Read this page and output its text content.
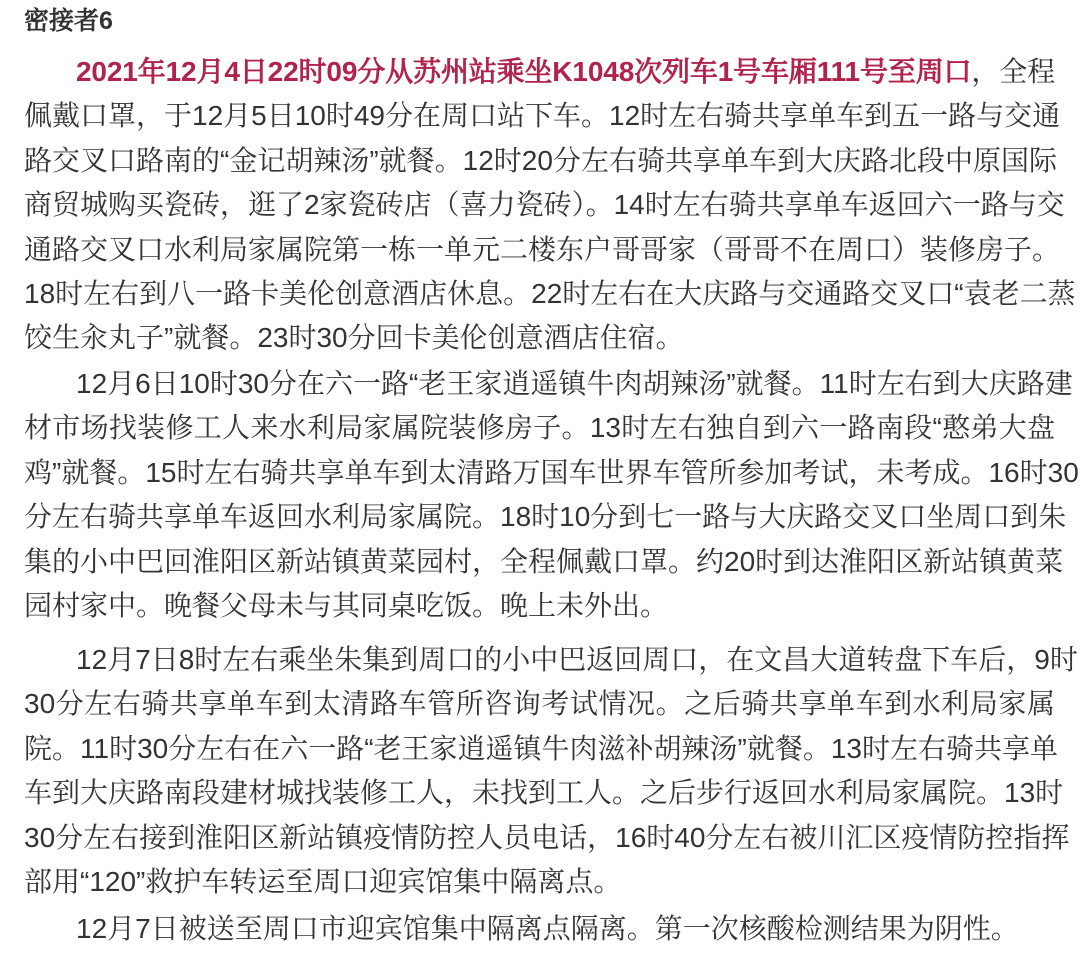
密接者6
2021年12月4日22时09分从苏州站乘坐K1048次列车1号车厢111号至周口，全程
佩戴口罩，于12月5日10时49分在周口站下车。12时左右骑共享单车到五一路与交通
路交叉口路南的“金记胡辣汤”就餐。12时20分左右骑共享单车到大庆路北段中原国际
商贸城购买瓷砖，逛了2家瓷砖店（喜力瓷砖）。14时左右骑共享单车返回六一路与交
通路交叉口水利局家属院第一栋一单元二楼东户哥哥家（哥哥不在周口）装修房子。
18时左右到八一路卡美伦创意酒店休息。22时左右在大庆路与交通路交叉口“袁老二蒸
饺生汆丸子”就餐。23时30分回卡美伦创意酒店住宿。
12月6日10时30分在六一路“老王家逍遥镇牛肉胡辣汤”就餐。11时左右到大庆路建
材市场找装修工人来水利局家属院装修房子。13时左右独自到六一路南段“憨弟大盘
鸡”就餐。15时左右骑共享单车到太清路万国车世界车管所参加考试，未考成。16时30
分左右骑共享单车返回水利局家属院。18时10分到七一路与大庆路交叉口坐周口到朱
集的小中巴回淮阳区新站镇黄菜园村，全程佩戴口罩。约20时到达淮阳区新站镇黄菜
园村家中。晚餐父母未与其同桌吃饭。晚上未外出。
12月7日8时左右乘坐朱集到周口的小中巴返回周口，在文昌大道转盘下车后，9时
30分左右骑共享单车到太清路车管所咨询考试情况。之后骑共享单车到水利局家属
院。11时30分左右在六一路“老王家逍遥镇牛肉滋补胡辣汤”就餐。13时左右骑共享单
车到大庆路南段建材城找装修工人，未找到工人。之后步行返回水利局家属院。13时
30分左右接到淮阳区新站镇疫情防控人员电话，16时40分左右被川汇区疫情防控指挥
部用“120”救护车转运至周口迎宾馆集中隔离点。
12月7日被送至周口市迎宾馆集中隔离点隔离。第一次核酸检测结果为阴性。
